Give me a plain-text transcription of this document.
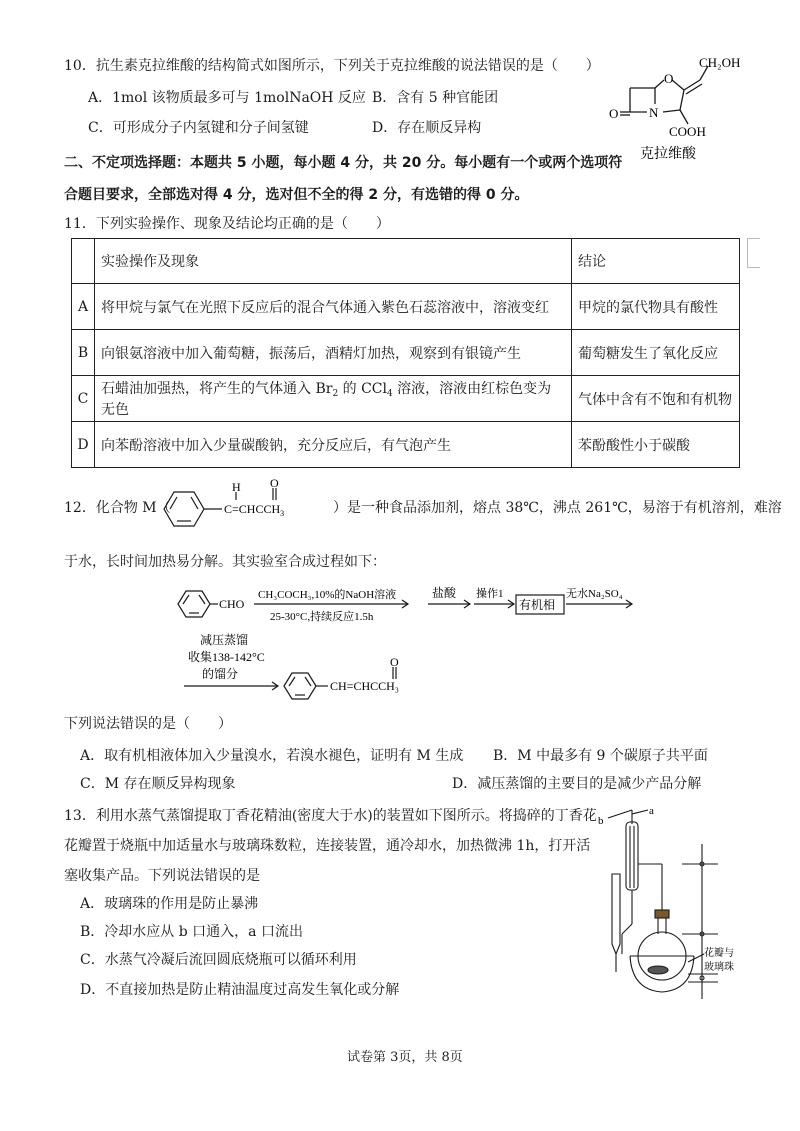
10．抗生素克拉维酸的结构简式如图所示，下列关于克拉维酸的说法错误的是（　　）
A．1mol 该物质最多可与 1molNaOH 反应 B．含有 5 种官能团
C．可形成分子内氢键和分子间氢键	D．存在顺反异构
CH₂OH
O
O N
COOH
克拉维酸
二、不定项选择题：本题共 5 小题，每小题 4 分，共 20 分。每小题有一个或两个选项符
合题目要求，全部选对得 4 分，选对但不全的得 2 分，有选错的得 0 分。
11．下列实验操作、现象及结论均正确的是（　　）
	实验操作及现象	结论
A	将甲烷与氯气在光照下反应后的混合气体通入紫色石蕊溶液中，溶液变红	甲烷的氯代物具有酸性
B	向银氨溶液中加入葡萄糖，振荡后，酒精灯加热，观察到有银镜产生	葡萄糖发生了氧化反应
C	石蜡油加强热，将产生的气体通入 $Br_2$ 的 CCl$_4$ 溶液，溶液由红棕色变为无色	气体中含有不饱和有机物
D	向苯酚溶液中加入少量碳酸钠，充分反应后，有气泡产生	苯酚酸性小于碳酸
12．化合物 M（
H O
$C=CHCCH_3$	）是一种食品添加剂，熔点 38℃，沸点 261℃，易溶于有机溶剂，难溶
于水，长时间加热易分解。其实验室合成过程如下：
CHO
CH₃COCH₃,10%的NaOH溶液
25-30°C,持续反应1.5h
盐酸 操作1
有机相
无水Na₂SO₄
减压蒸馏
收集138-142°C
的馏分
O
CH=CHCCH₃
下列说法错误的是（　　）
A．取有机相液体加入少量溴水，若溴水褪色，证明有 M 生成 B．M 中最多有 9 个碳原子共平面
C．M 存在顺反异构现象	D．减压蒸馏的主要目的是减少产品分解
13．利用水蒸气蒸馏提取丁香花精油(密度大于水)的装置如下图所示。将捣碎的丁香花
花瓣置于烧瓶中加适量水与玻璃珠数粒，连接装置，通冷却水，加热微沸 1h，打开活
塞收集产品。下列说法错误的是
A．玻璃珠的作用是防止暴沸
B．冷却水应从 b 口通入，a 口流出
C．水蒸气冷凝后流回圆底烧瓶可以循环利用
D．不直接加热是防止精油温度过高发生氧化或分解
b
a
花瓣与
玻璃珠
试卷第 3页，共 8页
